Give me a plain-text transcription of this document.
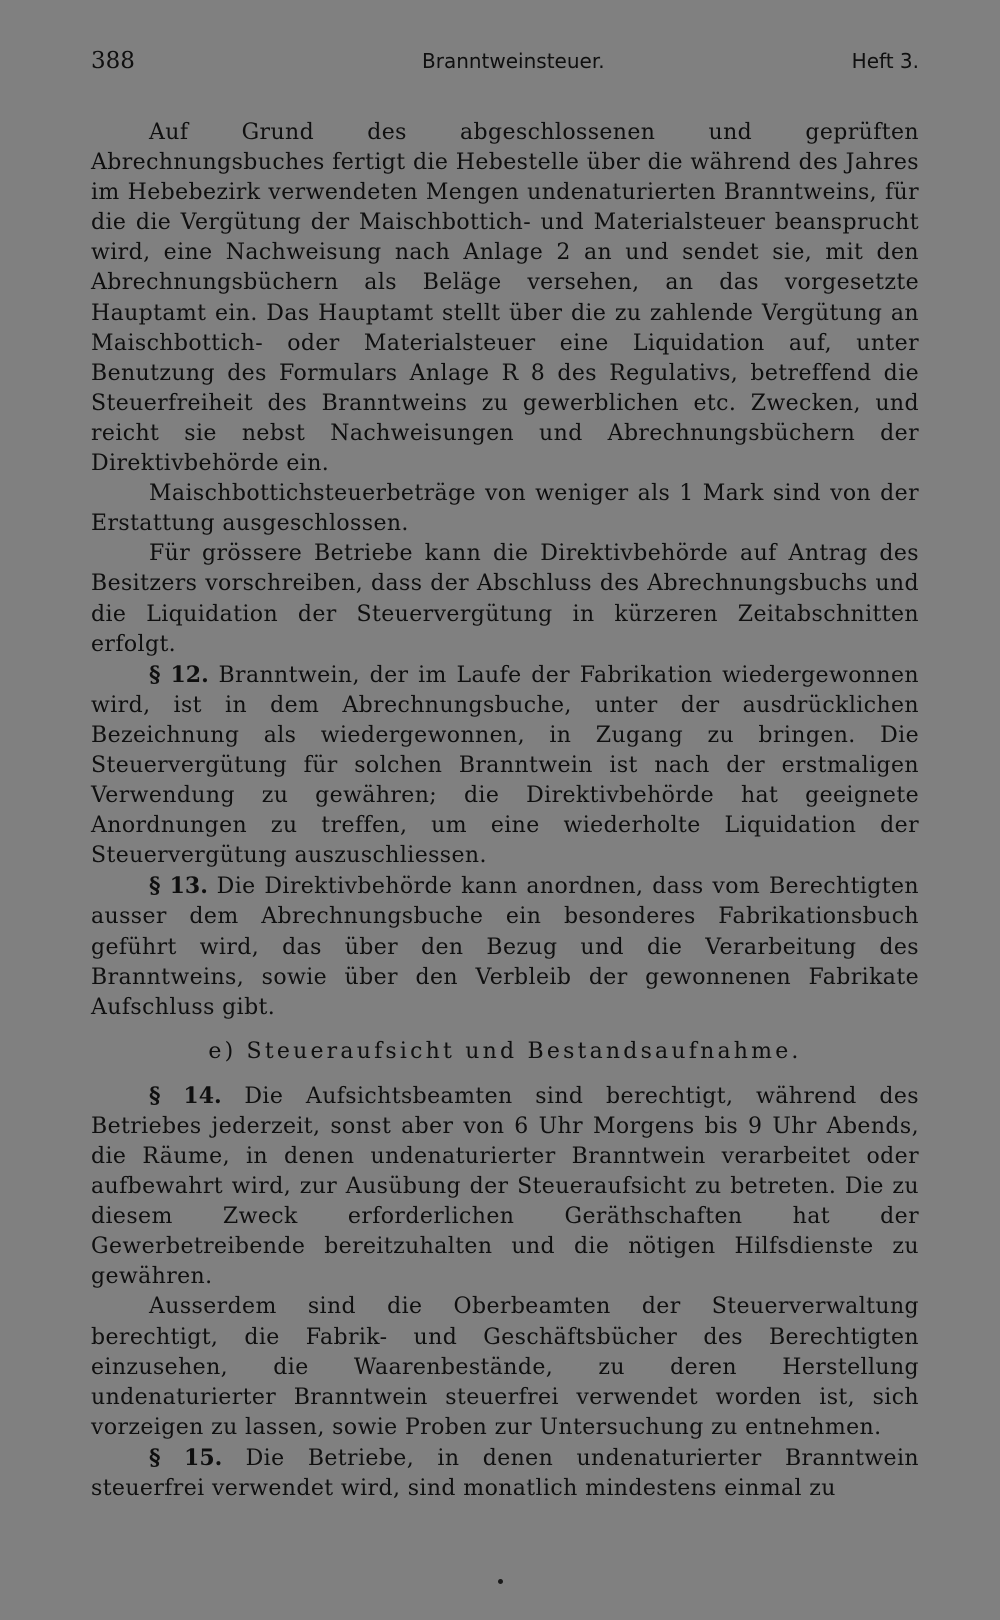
388	Branntweinsteuer.	Heft 3.

Auf Grund des abgeschlossenen und geprüften Abrechnungsbuches fertigt die Hebestelle über die während des Jahres im Hebebezirk verwendeten Mengen undenaturierten Branntweins, für die die Vergütung der Maischbottich- und Materialsteuer beansprucht wird, eine Nachweisung nach Anlage 2 an und sendet sie, mit den Abrechnungsbüchern als Beläge versehen, an das vorgesetzte Hauptamt ein. Das Hauptamt stellt über die zu zahlende Vergütung an Maischbottich- oder Materialsteuer eine Liquidation auf, unter Benutzung des Formulars Anlage R 8 des Regulativs, betreffend die Steuerfreiheit des Branntweins zu gewerblichen etc. Zwecken, und reicht sie nebst Nachweisungen und Abrechnungsbüchern der Direktivbehörde ein.

Maischbottichsteuerbeträge von weniger als 1 Mark sind von der Erstattung ausgeschlossen.

Für grössere Betriebe kann die Direktivbehörde auf Antrag des Besitzers vorschreiben, dass der Abschluss des Abrechnungsbuchs und die Liquidation der Steuervergütung in kürzeren Zeitabschnitten erfolgt.

§ 12. Branntwein, der im Laufe der Fabrikation wiedergewonnen wird, ist in dem Abrechnungsbuche, unter der ausdrücklichen Bezeichnung als wiedergewonnen, in Zugang zu bringen. Die Steuervergütung für solchen Branntwein ist nach der erstmaligen Verwendung zu gewähren; die Direktivbehörde hat geeignete Anordnungen zu treffen, um eine wiederholte Liquidation der Steuervergütung auszuschliessen.

§ 13. Die Direktivbehörde kann anordnen, dass vom Berechtigten ausser dem Abrechnungsbuche ein besonderes Fabrikationsbuch geführt wird, das über den Bezug und die Verarbeitung des Branntweins, sowie über den Verbleib der gewonnenen Fabrikate Aufschluss gibt.

e) Steueraufsicht und Bestandsaufnahme.

§ 14. Die Aufsichtsbeamten sind berechtigt, während des Betriebes jederzeit, sonst aber von 6 Uhr Morgens bis 9 Uhr Abends, die Räume, in denen undenaturierter Branntwein verarbeitet oder aufbewahrt wird, zur Ausübung der Steueraufsicht zu betreten. Die zu diesem Zweck erforderlichen Geräthschaften hat der Gewerbetreibende bereitzuhalten und die nötigen Hilfsdienste zu gewähren.

Ausserdem sind die Oberbeamten der Steuerverwaltung berechtigt, die Fabrik- und Geschäftsbücher des Berechtigten einzusehen, die Waarenbestände, zu deren Herstellung undenaturierter Branntwein steuerfrei verwendet worden ist, sich vorzeigen zu lassen, sowie Proben zur Untersuchung zu entnehmen.

§ 15. Die Betriebe, in denen undenaturierter Branntwein steuerfrei verwendet wird, sind monatlich mindestens einmal zu
